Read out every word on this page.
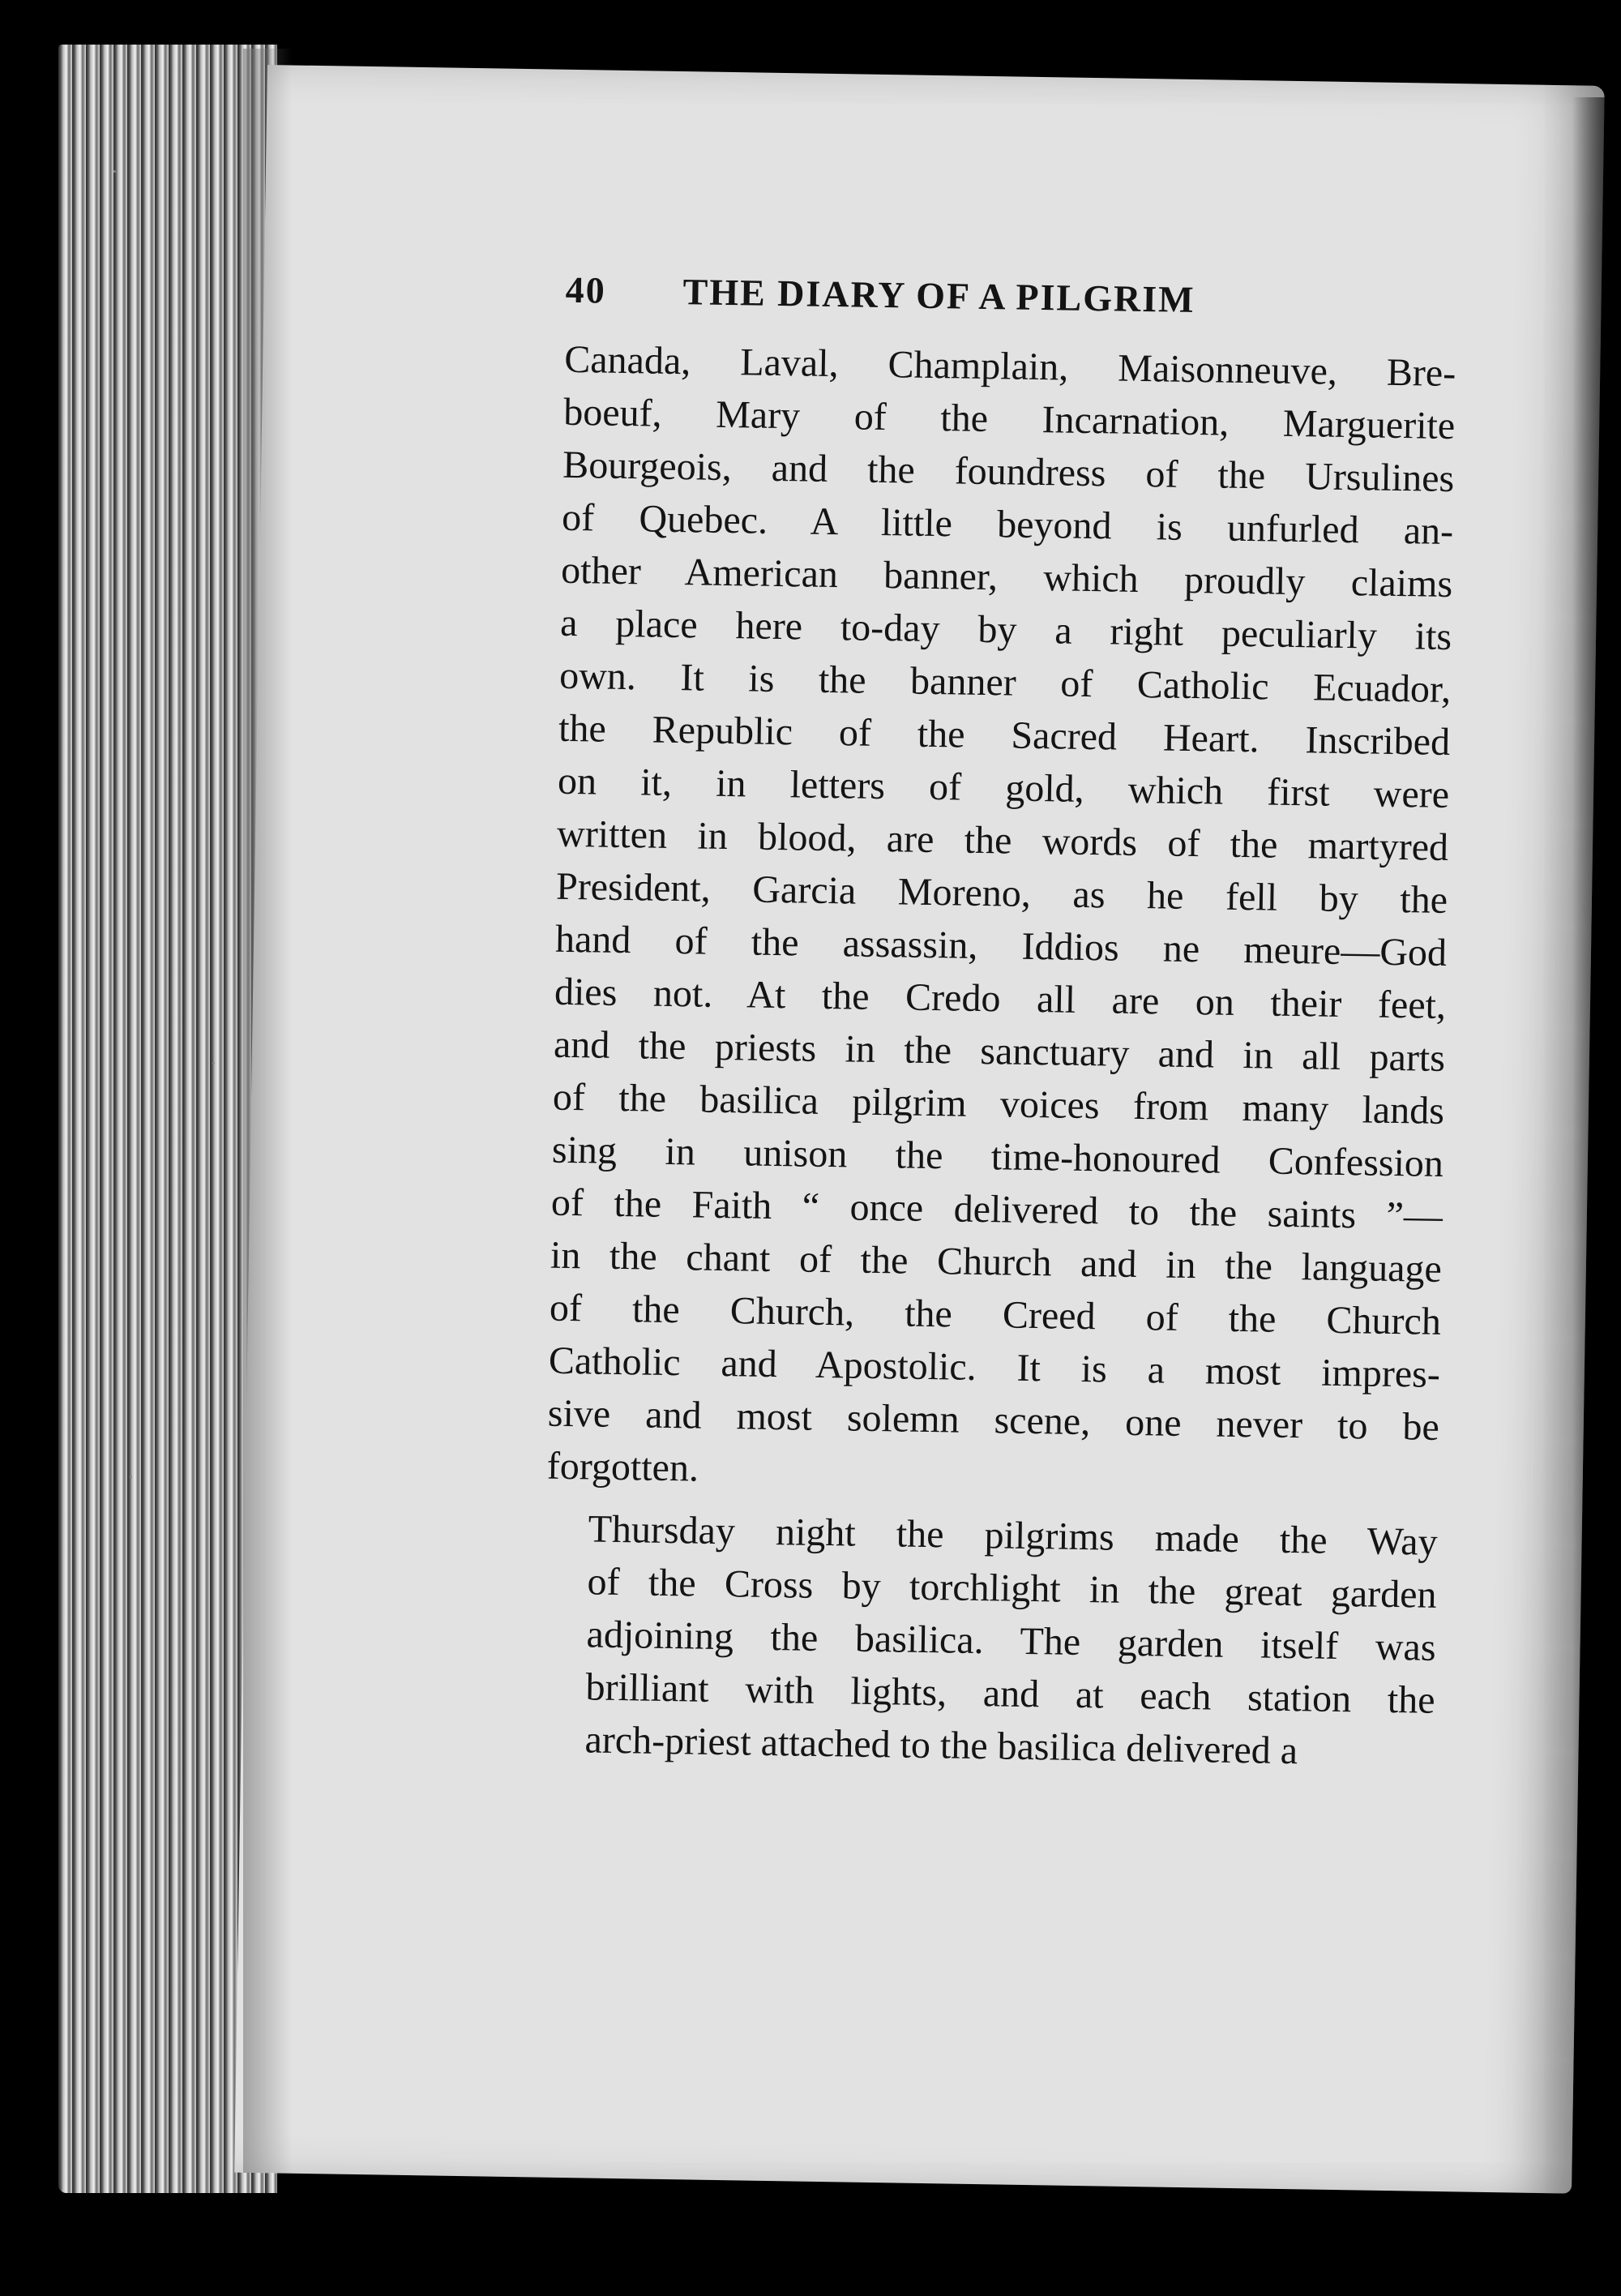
40 THE DIARY OF A PILGRIM

Canada, Laval, Champlain, Maisonneuve, Bre-
boeuf, Mary of the Incarnation, Marguerite
Bourgeois, and the foundress of the Ursulines
of Quebec. A little beyond is unfurled an-
other American banner, which proudly claims
a place here to-day by a right peculiarly its
own. It is the banner of Catholic Ecuador,
the Republic of the Sacred Heart. Inscribed
on it, in letters of gold, which first were
written in blood, are the words of the martyred
President, Garcia Moreno, as he fell by the
hand of the assassin, Iddios ne meure—God
dies not. At the Credo all are on their feet,
and the priests in the sanctuary and in all parts
of the basilica pilgrim voices from many lands
sing in unison the time-honoured Confession
of the Faith “ once delivered to the saints ”—
in the chant of the Church and in the language
of the Church, the Creed of the Church
Catholic and Apostolic. It is a most impres-
sive and most solemn scene, one never to be
forgotten.

Thursday night the pilgrims made the Way
of the Cross by torchlight in the great garden
adjoining the basilica. The garden itself was
brilliant with lights, and at each station the
arch-priest attached to the basilica delivered a
